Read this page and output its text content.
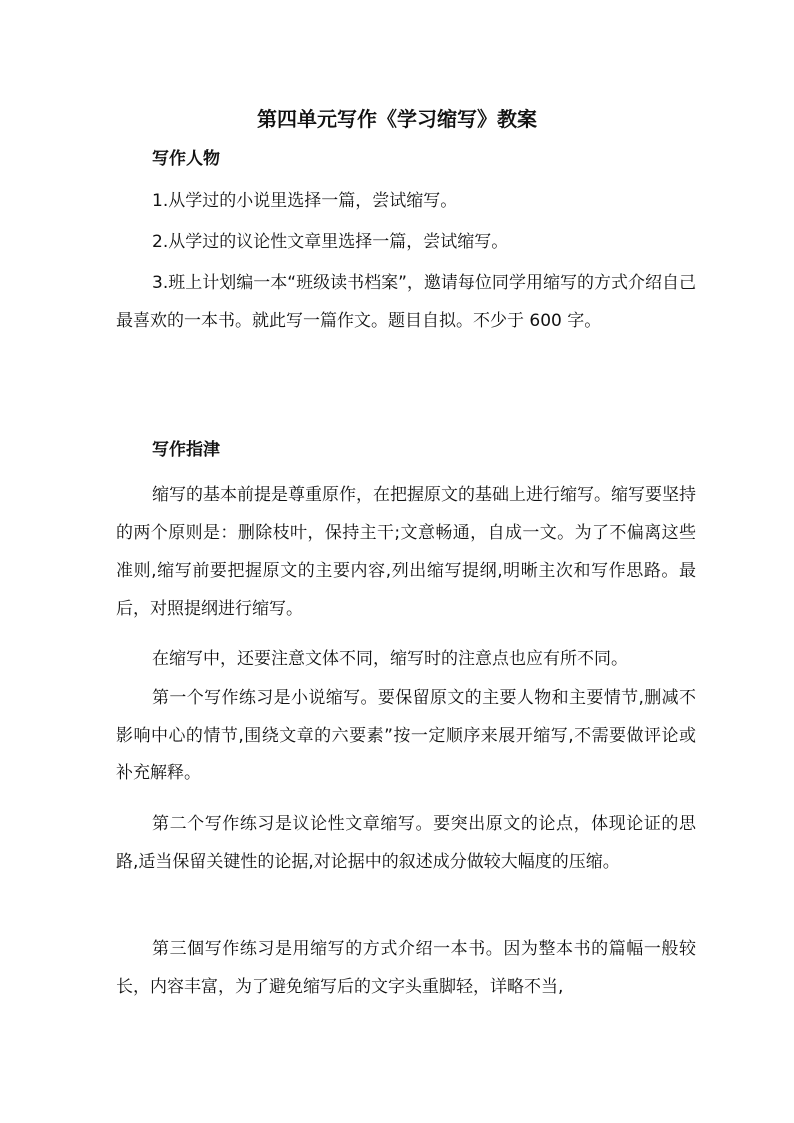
第四单元写作《学习缩写》教案
写作人物
1.从学过的小说里选择一篇，尝试缩写。
2.从学过的议论性文章里选择一篇，尝试缩写。
3.班上计划编一本“班级读书档案”，邀请每位同学用缩写的方式介绍自己最喜欢的一本书。就此写一篇作文。题目自拟。不少于 600 字。
写作指津
缩写的基本前提是尊重原作，在把握原文的基础上进行缩写。缩写要坚持的两个原则是：删除枝叶，保持主干;文意畅通，自成一文。为了不偏离这些准则,缩写前要把握原文的主要内容,列出缩写提纲,明晰主次和写作思路。最后，对照提纲进行缩写。
在缩写中，还要注意文体不同，缩写时的注意点也应有所不同。
第一个写作练习是小说缩写。要保留原文的主要人物和主要情节,删减不影响中心的情节,围绕文章的六要素”按一定顺序来展开缩写,不需要做评论或补充解释。
第二个写作练习是议论性文章缩写。要突出原文的论点，体现论证的思路,适当保留关键性的论据,对论据中的叙述成分做较大幅度的压缩。
第三個写作练习是用缩写的方式介绍一本书。因为整本书的篇幅一般较长，内容丰富，为了避免缩写后的文字头重脚轻，详略不当,
